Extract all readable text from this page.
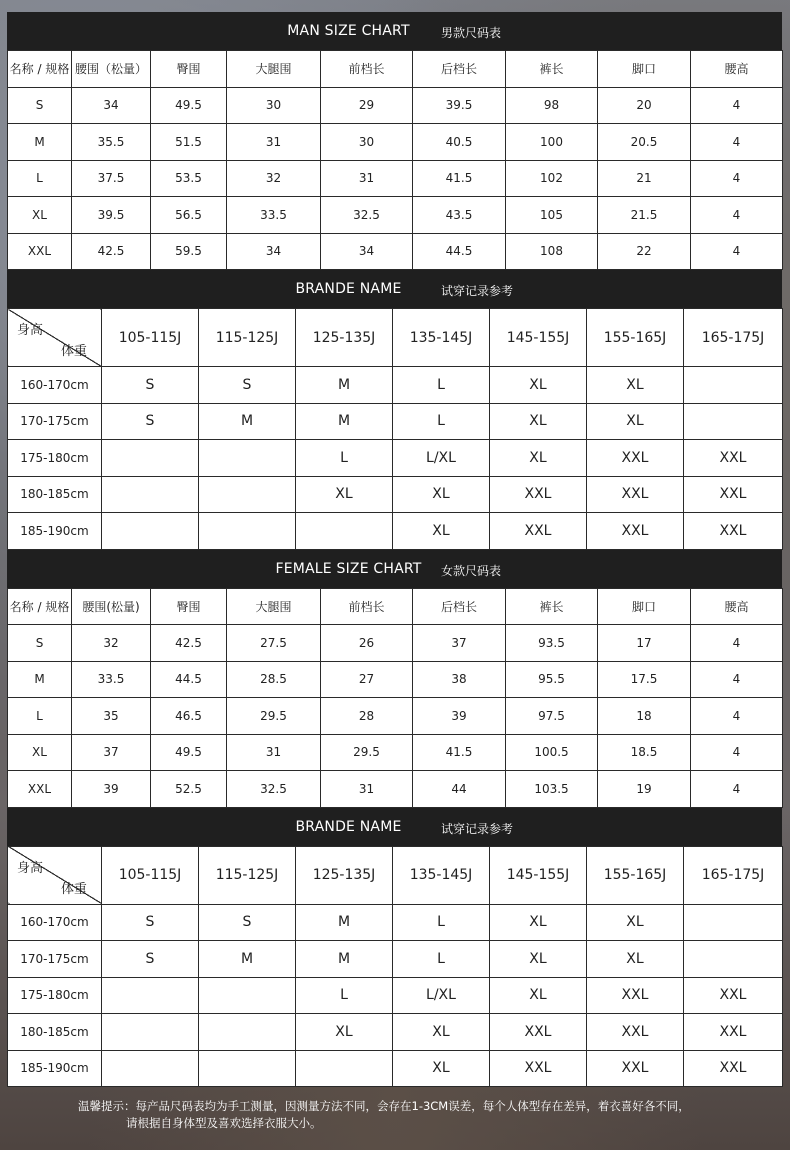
MAN SIZE CHART	男款尺码表
名称 / 规格	腰围（松量）	臀围	大腿围	前档长	后档长	裤长	脚口	腰高
S	34	49.5	30	29	39.5	98	20	4
M	35.5	51.5	31	30	40.5	100	20.5	4
L	37.5	53.5	32	31	41.5	102	21	4
XL	39.5	56.5	33.5	32.5	43.5	105	21.5	4
XXL	42.5	59.5	34	34	44.5	108	22	4
BRANDE NAME	试穿记录参考
身高
体重	105-115J	115-125J	125-135J	135-145J	145-155J	155-165J	165-175J
160-170cm	S	S	M	L	XL	XL	
170-175cm	S	M	M	L	XL	XL	
175-180cm			L	L/XL	XL	XXL	XXL
180-185cm			XL	XL	XXL	XXL	XXL
185-190cm				XL	XXL	XXL	XXL
FEMALE SIZE CHART	女款尺码表
名称 / 规格	腰围(松量)	臀围	大腿围	前档长	后档长	裤长	脚口	腰高
S	32	42.5	27.5	26	37	93.5	17	4
M	33.5	44.5	28.5	27	38	95.5	17.5	4
L	35	46.5	29.5	28	39	97.5	18	4
XL	37	49.5	31	29.5	41.5	100.5	18.5	4
XXL	39	52.5	32.5	31	44	103.5	19	4
BRANDE NAME	试穿记录参考
身高
体重	105-115J	115-125J	125-135J	135-145J	145-155J	155-165J	165-175J
160-170cm	S	S	M	L	XL	XL	
170-175cm	S	M	M	L	XL	XL	
175-180cm			L	L/XL	XL	XXL	XXL
180-185cm			XL	XL	XXL	XXL	XXL
185-190cm				XL	XXL	XXL	XXL
温馨提示：每产品尺码表均为手工测量，因测量方法不同，会存在1-3CM误差，每个人体型存在差异，着衣喜好各不同，
请根据自身体型及喜欢选择衣服大小。
